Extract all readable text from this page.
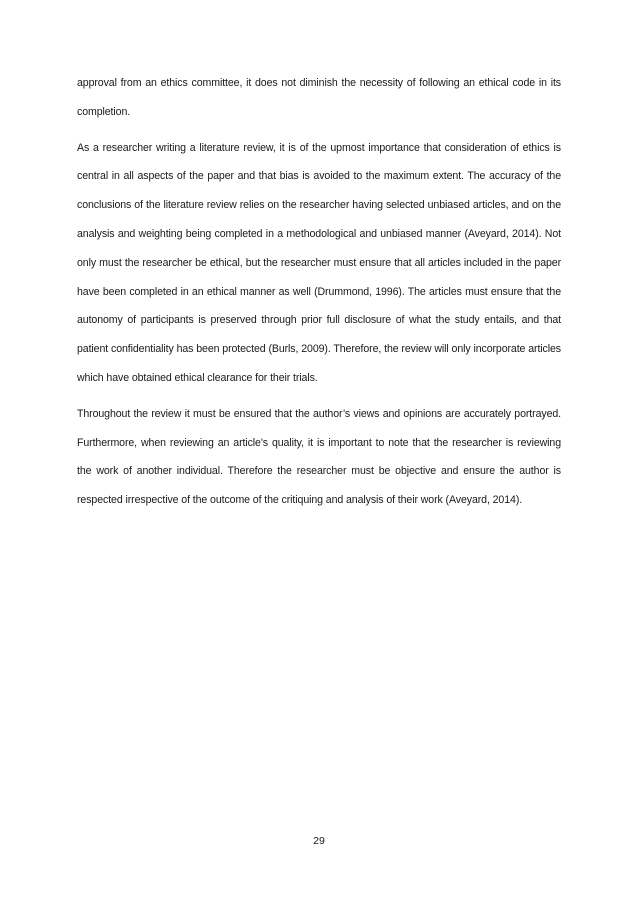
approval from an ethics committee, it does not diminish the necessity of following an ethical code in its completion.

As a researcher writing a literature review, it is of the upmost importance that consideration of ethics is central in all aspects of the paper and that bias is avoided to the maximum extent. The accuracy of the conclusions of the literature review relies on the researcher having selected unbiased articles, and on the analysis and weighting being completed in a methodological and unbiased manner (Aveyard, 2014). Not only must the researcher be ethical, but the researcher must ensure that all articles included in the paper have been completed in an ethical manner as well (Drummond, 1996). The articles must ensure that the autonomy of participants is preserved through prior full disclosure of what the study entails, and that patient confidentiality has been protected (Burls, 2009). Therefore, the review will only incorporate articles which have obtained ethical clearance for their trials.

Throughout the review it must be ensured that the author’s views and opinions are accurately portrayed. Furthermore, when reviewing an article's quality, it is important to note that the researcher is reviewing the work of another individual. Therefore the researcher must be objective and ensure the author is respected irrespective of the outcome of the critiquing and analysis of their work (Aveyard, 2014).

29
